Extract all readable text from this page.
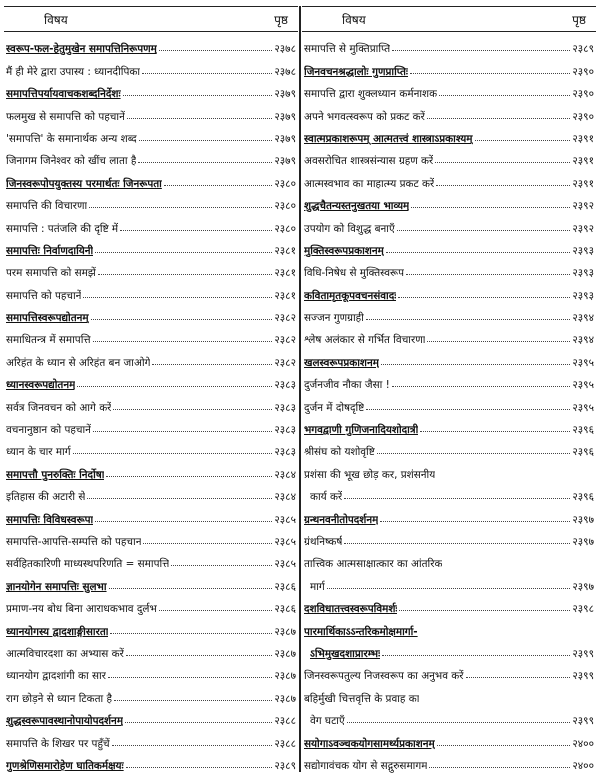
विषय	पृष्ठ
स्वरूप-फल-हेतुमुखेन समापत्तिनिरूपणम्	२३७८
मैं ही मेरे द्वारा उपास्य : ध्यानदीपिका	२३७८
समापत्तिपर्यायवाचकशब्दनिर्देशः	२३७९
फलमुख से समापत्ति को पहचानें	२३७९
'समापत्ति' के समानार्थक अन्य शब्द	२३७९
जिनागम जिनेश्वर को खींच लाता है	२३७९
जिनस्वरूपोपयुक्तस्य परमार्थतः जिनरूपता	२३८०
समापत्ति की विचारणा	२३८०
समापत्ति : पतंजलि की दृष्टि में	२३८०
समापत्तिः निर्वाणदायिनी	२३८१
परम समापत्ति को समझें	२३८१
समापत्ति को पहचानें	२३८१
समापत्तिस्वरूपद्योतनम्	२३८२
समाधितन्त्र में समापत्ति	२३८२
अरिहंत के ध्यान से अरिहंत बन जाओगे	२३८२
ध्यानस्वरूपद्योतनम्	२३८३
सर्वत्र जिनवचन को आगे करें	२३८३
वचनानुष्ठान को पहचानें	२३८३
ध्यान के चार मार्ग	२३८३
समापत्तौ पुनरुक्तिः निर्दोषा	२३८४
इतिहास की अटारी से	२३८४
समापत्तिः विविधस्वरूपा	२३८५
समापत्ति-आपत्ति-सम्पत्ति को पहचान	२३८५
सर्वहितकारिणी माध्यस्थपरिणति = समापत्ति	२३८५
ज्ञानयोगेन समापत्तिः सुलभा	२३८६
प्रमाण-नय बोध बिना आराधकभाव दुर्लभ	२३८६
ध्यानयोगस्य द्वादशाङ्गीसारता	२३८७
आत्मविचारदशा का अभ्यास करें	२३८७
ध्यानयोग द्वादशांगी का सार	२३८७
राग छोड़ने से ध्यान टिकता है	२३८७
शुद्धस्वरूपावस्थानोपायोपदर्शनम्	२३८८
समापत्ति के शिखर पर पहुँचें	२३८८
गुणश्रेणिसमारोहेण घातिकर्मक्षयः	२३८९
विषय	पृष्ठ
समापत्ति से मुक्तिप्राप्ति	२३८९
जिनवचनश्रद्धालोः गुणप्राप्तिः	२३९०
समापत्ति द्वारा शुक्लध्यान कर्मनाशक	२३९०
अपने भगवत्स्वरूप को प्रकट करें	२३९०
स्वात्मप्रकाशरूपम् आत्मतत्त्वं शास्त्राऽप्रकाश्यम्	२३९१
अवसरोचित शास्त्रसंन्यास ग्रहण करें	२३९१
आत्मस्वभाव का माहात्म्य प्रकट करें	२३९१
शुद्धचैतन्यस्तनुखतया भाव्यम्	२३९२
उपयोग को विशुद्ध बनाएँ	२३९२
मुक्तिस्वरूपप्रकाशनम्	२३९३
विधि-निषेध से मुक्तिस्वरूप	२३९३
कवितामृतकूपवचनसंवादः	२३९३
सज्जन गुणग्राही	२३९४
श्लेष अलंकार से गर्भित विचारणा	२३९४
खलस्वरूपप्रकाशनम्	२३९५
दुर्जनजीव नौका जैसा !	२३९५
दुर्जन में दोषदृष्टि	२३९५
भगवद्वाणी गुणिजनादियशोदात्री	२३९६
श्रीसंघ को यशोवृष्टि	२३९६
प्रशंसा की भूख छोड़ कर, प्रशंसनीय
कार्य करें	२३९६
ग्रन्थनवनीतोपदर्शनम्	२३९७
ग्रंथनिष्कर्ष	२३९७
तात्त्विक आत्मसाक्षात्कार का आंतरिक
मार्ग	२३९७
दशविधातत्त्वस्वरूपविमर्शः	२३९८
पारमार्थिकाऽऽन्तरिकमोक्षमार्गा-
ऽभिमुखदशाप्रारम्भः	२३९९
जिनस्वरूपतुल्य निजस्वरूप का अनुभव करें	२३९९
बहिर्मुखी चित्तवृत्ति के प्रवाह का
वेग घटाएँ	२३९९
सयोगाऽवञ्चकयोगसामर्थ्यप्रकाशनम्	२४००
सद्योगावंचक योग से सद्गुरुसमागम	२४००
